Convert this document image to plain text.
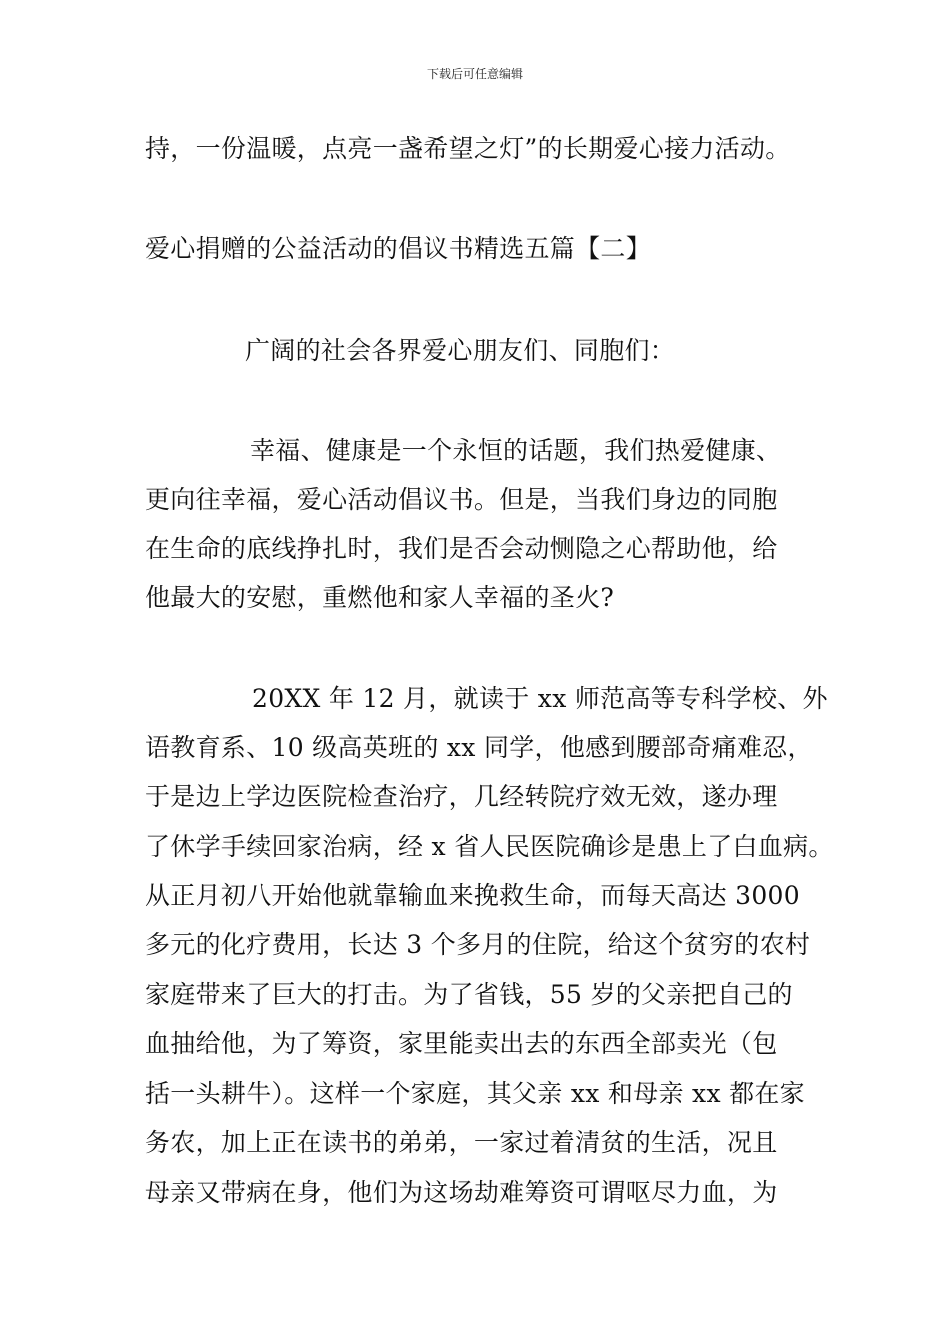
下载后可任意编辑
持，一份温暖，点亮一盏希望之灯”的长期爱心接力活动。
爱心捐赠的公益活动的倡议书精选五篇【二】
广阔的社会各界爱心朋友们、同胞们：
幸福、健康是一个永恒的话题，我们热爱健康、
更向往幸福，爱心活动倡议书。但是，当我们身边的同胞
在生命的底线挣扎时，我们是否会动恻隐之心帮助他，给
他最大的安慰，重燃他和家人幸福的圣火?
20XX 年 12 月，就读于 xx 师范高等专科学校、外
语教育系、10 级高英班的 xx 同学，他感到腰部奇痛难忍，
于是边上学边医院检查治疗，几经转院疗效无效，遂办理
了休学手续回家治病，经 x 省人民医院确诊是患上了白血病。
从正月初八开始他就靠输血来挽救生命，而每天高达 3000
多元的化疗费用，长达 3 个多月的住院，给这个贫穷的农村
家庭带来了巨大的打击。为了省钱，55 岁的父亲把自己的
血抽给他，为了筹资，家里能卖出去的东西全部卖光（包
括一头耕牛）。这样一个家庭，其父亲 xx 和母亲 xx 都在家
务农，加上正在读书的弟弟，一家过着清贫的生活，况且
母亲又带病在身，他们为这场劫难筹资可谓呕尽力血，为
